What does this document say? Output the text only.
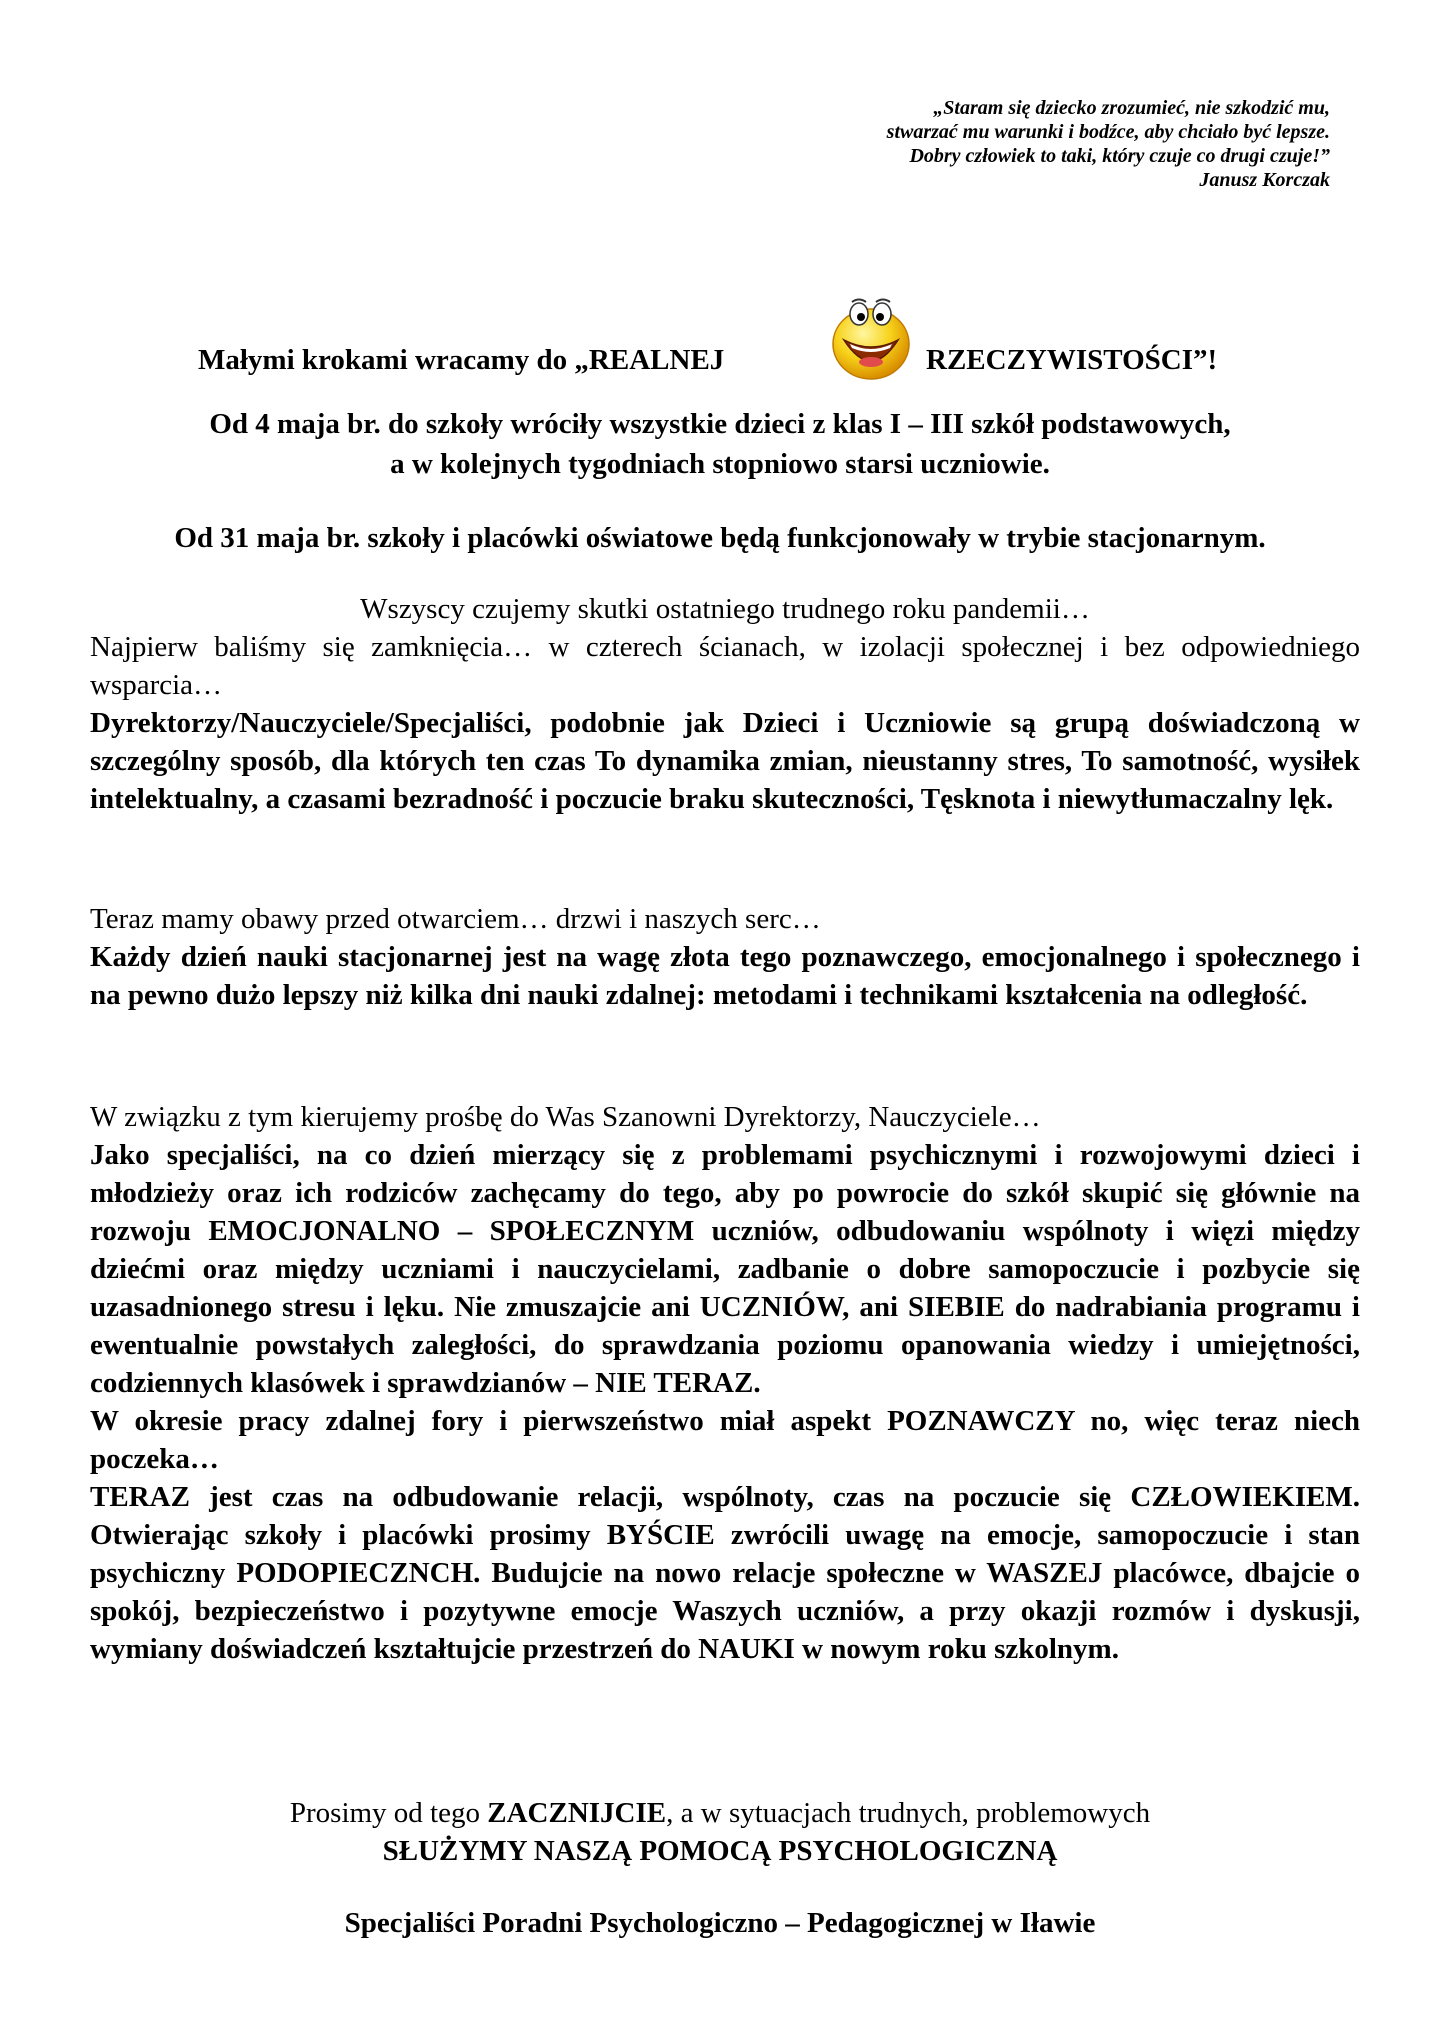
„Staram się dziecko zrozumieć, nie szkodzić mu,
stwarzać mu warunki i bodźce, aby chciało być lepsze.
Dobry człowiek to taki, który czuje co drugi czuje!”
Janusz Korczak
Małymi krokami wracamy do „REALNEJ	RZECZYWISTOŚCI”!
Od 4 maja br. do szkoły wróciły wszystkie dzieci z klas I – III szkół podstawowych,
a w kolejnych tygodniach stopniowo starsi uczniowie.
Od 31 maja br. szkoły i placówki oświatowe będą funkcjonowały w trybie stacjonarnym.

Wszyscy czujemy skutki ostatniego trudnego roku pandemii…

Najpierw baliśmy się zamknięcia… w czterech ścianach, w izolacji społecznej i bez odpowiedniego wsparcia…

Dyrektorzy/Nauczyciele/Specjaliści, podobnie jak Dzieci i Uczniowie są grupą doświadczoną w szczególny sposób, dla których ten czas To dynamika zmian, nieustanny stres, To samotność, wysiłek intelektualny, a czasami bezradność i poczucie braku skuteczności, Tęsknota i niewytłumaczalny lęk.

Teraz mamy obawy przed otwarciem… drzwi i naszych serc…

Każdy dzień nauki stacjonarnej jest na wagę złota tego poznawczego, emocjonalnego i społecznego i na pewno dużo lepszy niż kilka dni nauki zdalnej: metodami i technikami kształcenia na odległość.

W związku z tym kierujemy prośbę do Was Szanowni Dyrektorzy, Nauczyciele…

Jako specjaliści, na co dzień mierzący się z problemami psychicznymi i rozwojowymi dzieci i młodzieży oraz ich rodziców zachęcamy do tego, aby po powrocie do szkół skupić się głównie na rozwoju EMOCJONALNO – SPOŁECZNYM uczniów, odbudowaniu wspólnoty i więzi między dziećmi oraz między uczniami i nauczycielami, zadbanie o dobre samopoczucie i pozbycie się uzasadnionego stresu i lęku. Nie zmuszajcie ani UCZNIÓW, ani SIEBIE do nadrabiania programu i ewentualnie powstałych zaległości, do sprawdzania poziomu opanowania wiedzy i umiejętności, codziennych klasówek i sprawdzianów – NIE TERAZ.

W okresie pracy zdalnej fory i pierwszeństwo miał aspekt POZNAWCZY no, więc teraz niech poczeka…

TERAZ jest czas na odbudowanie relacji, wspólnoty, czas na poczucie się CZŁOWIEKIEM. Otwierając szkoły i placówki prosimy BYŚCIE zwrócili uwagę na emocje, samopoczucie i stan psychiczny PODOPIECZNCH. Budujcie na nowo relacje społeczne w WASZEJ placówce, dbajcie o spokój, bezpieczeństwo i pozytywne emocje Waszych uczniów, a przy okazji rozmów i dyskusji, wymiany doświadczeń kształtujcie przestrzeń do NAUKI w nowym roku szkolnym.

Prosimy od tego ZACZNIJCIE, a w sytuacjach trudnych, problemowych
SŁUŻYMY NASZĄ POMOCĄ PSYCHOLOGICZNĄ
Specjaliści Poradni Psychologiczno – Pedagogicznej w Iławie
